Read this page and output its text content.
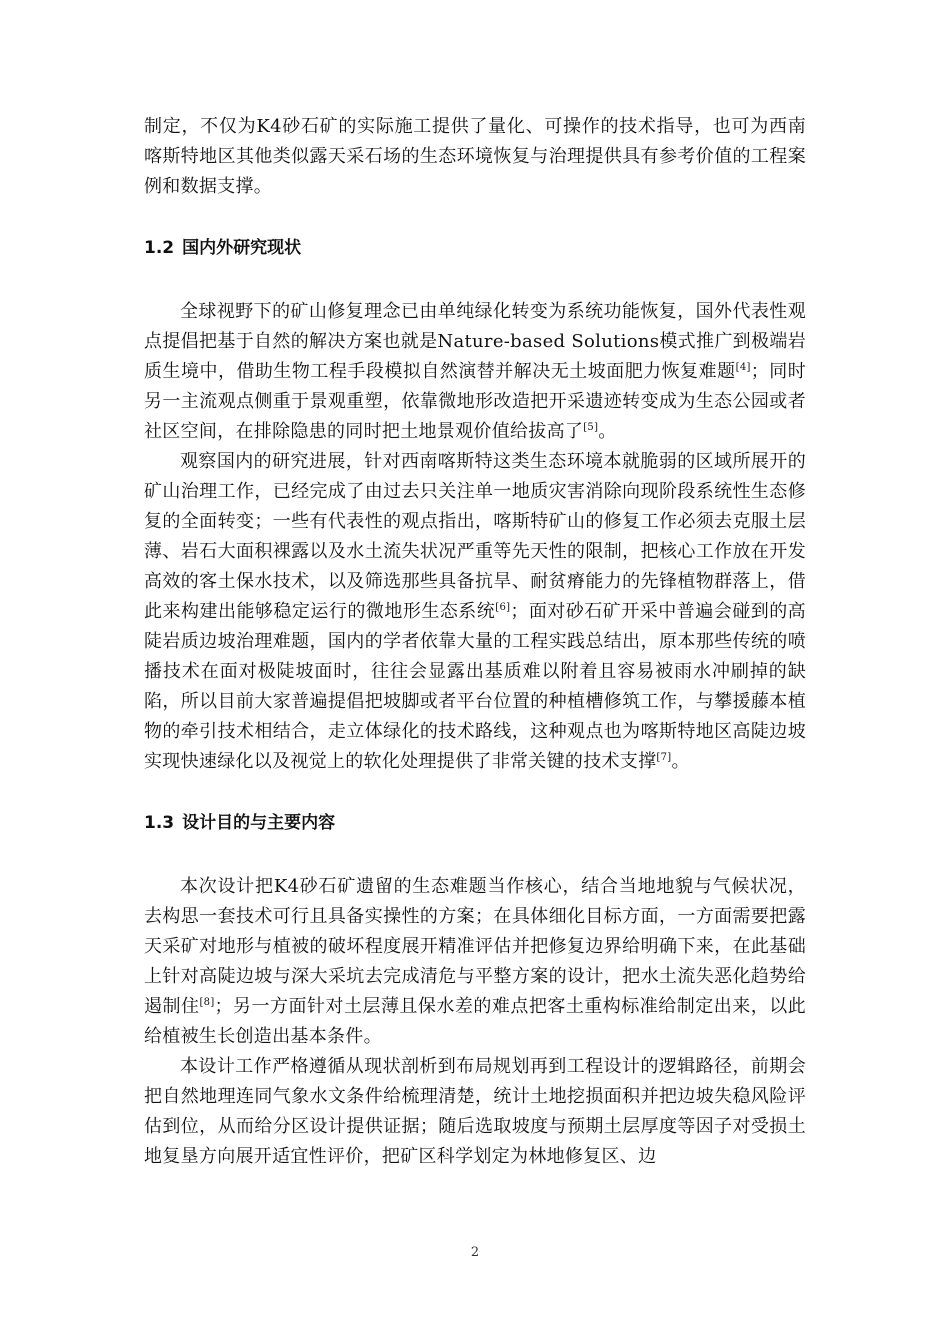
制定，不仅为K4砂石矿的实际施工提供了量化、可操作的技术指导，也可为西南喀斯特地区其他类似露天采石场的生态环境恢复与治理提供具有参考价值的工程案例和数据支撑。

1.2 国内外研究现状

全球视野下的矿山修复理念已由单纯绿化转变为系统功能恢复，国外代表性观点提倡把基于自然的解决方案也就是Nature-based Solutions模式推广到极端岩质生境中，借助生物工程手段模拟自然演替并解决无土坡面肥力恢复难题[4]；同时另一主流观点侧重于景观重塑，依靠微地形改造把开采遗迹转变成为生态公园或者社区空间，在排除隐患的同时把土地景观价值给拔高了[5]。

观察国内的研究进展，针对西南喀斯特这类生态环境本就脆弱的区域所展开的矿山治理工作，已经完成了由过去只关注单一地质灾害消除向现阶段系统性生态修复的全面转变；一些有代表性的观点指出，喀斯特矿山的修复工作必须去克服土层薄、岩石大面积裸露以及水土流失状况严重等先天性的限制，把核心工作放在开发高效的客土保水技术，以及筛选那些具备抗旱、耐贫瘠能力的先锋植物群落上，借此来构建出能够稳定运行的微地形生态系统[6]；面对砂石矿开采中普遍会碰到的高陡岩质边坡治理难题，国内的学者依靠大量的工程实践总结出，原本那些传统的喷播技术在面对极陡坡面时，往往会显露出基质难以附着且容易被雨水冲刷掉的缺陷，所以目前大家普遍提倡把坡脚或者平台位置的种植槽修筑工作，与攀援藤本植物的牵引技术相结合，走立体绿化的技术路线，这种观点也为喀斯特地区高陡边坡实现快速绿化以及视觉上的软化处理提供了非常关键的技术支撑[7]。

1.3 设计目的与主要内容

本次设计把K4砂石矿遗留的生态难题当作核心，结合当地地貌与气候状况，去构思一套技术可行且具备实操性的方案；在具体细化目标方面，一方面需要把露天采矿对地形与植被的破坏程度展开精准评估并把修复边界给明确下来，在此基础上针对高陡边坡与深大采坑去完成清危与平整方案的设计，把水土流失恶化趋势给遏制住[8]；另一方面针对土层薄且保水差的难点把客土重构标准给制定出来，以此给植被生长创造出基本条件。

本设计工作严格遵循从现状剖析到布局规划再到工程设计的逻辑路径，前期会把自然地理连同气象水文条件给梳理清楚，统计土地挖损面积并把边坡失稳风险评估到位，从而给分区设计提供证据；随后选取坡度与预期土层厚度等因子对受损土地复垦方向展开适宜性评价，把矿区科学划定为林地修复区、边

2
